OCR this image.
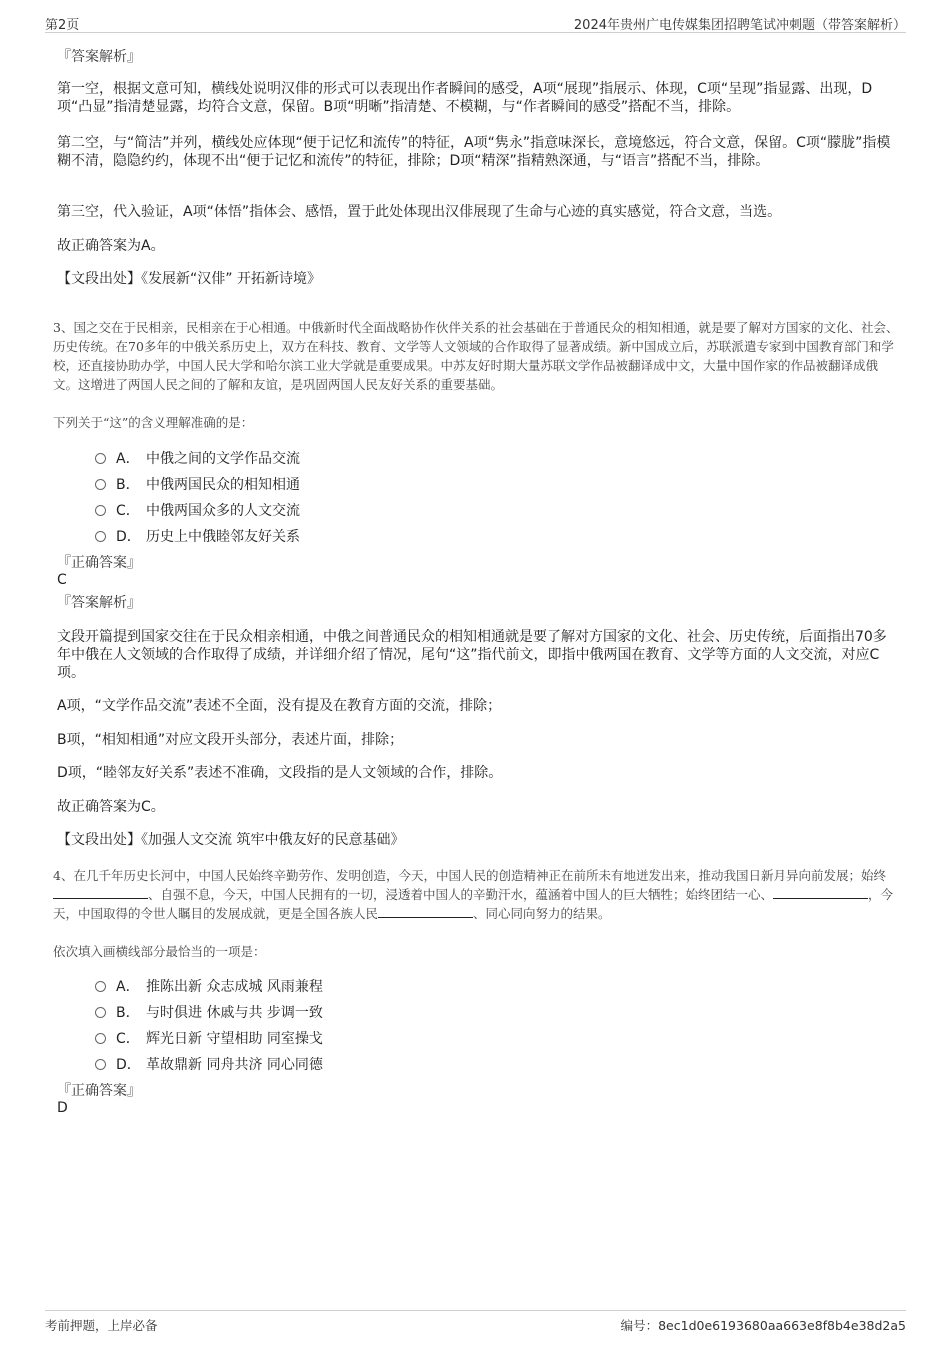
第2页	2024年贵州广电传媒集团招聘笔试冲刺题（带答案解析）
『答案解析』

第一空，根据文意可知，横线处说明汉俳的形式可以表现出作者瞬间的感受，A项“展现”指展示、体现，C项“呈现”指显露、出现，D项“凸显”指清楚显露，均符合文意，保留。B项“明晰”指清楚、不模糊，与“作者瞬间的感受”搭配不当，排除。

第二空，与“简洁”并列，横线处应体现“便于记忆和流传”的特征，A项“隽永”指意味深长，意境悠远，符合文意，保留。C项“朦胧”指模糊不清，隐隐约约，体现不出“便于记忆和流传”的特征，排除；D项“精深”指精熟深通，与“语言”搭配不当，排除。

第三空，代入验证，A项“体悟”指体会、感悟，置于此处体现出汉俳展现了生命与心迹的真实感觉，符合文意，当选。

故正确答案为A。

【文段出处】《发展新“汉俳” 开拓新诗境》

3、国之交在于民相亲，民相亲在于心相通。中俄新时代全面战略协作伙伴关系的社会基础在于普通民众的相知相通，就是要了解对方国家的文化、社会、历史传统。在70多年的中俄关系历史上，双方在科技、教育、文学等人文领域的合作取得了显著成绩。新中国成立后，苏联派遣专家到中国教育部门和学校，还直接协助办学，中国人民大学和哈尔滨工业大学就是重要成果。中苏友好时期大量苏联文学作品被翻译成中文，大量中国作家的作品被翻译成俄文。这增进了两国人民之间的了解和友谊，是巩固两国人民友好关系的重要基础。

下列关于“这”的含义理解准确的是：
A． 中俄之间的文学作品交流
B． 中俄两国民众的相知相通
C． 中俄两国众多的人文交流
D． 历史上中俄睦邻友好关系
『正确答案』
C
『答案解析』

文段开篇提到国家交往在于民众相亲相通，中俄之间普通民众的相知相通就是要了解对方国家的文化、社会、历史传统，后面指出70多年中俄在人文领域的合作取得了成绩，并详细介绍了情况，尾句“这”指代前文，即指中俄两国在教育、文学等方面的人文交流，对应C项。

A项，“文学作品交流”表述不全面，没有提及在教育方面的交流，排除；

B项，“相知相通”对应文段开头部分，表述片面，排除；

D项，“睦邻友好关系”表述不准确，文段指的是人文领域的合作，排除。

故正确答案为C。

【文段出处】《加强人文交流 筑牢中俄友好的民意基础》

4、在几千年历史长河中，中国人民始终辛勤劳作、发明创造，今天，中国人民的创造精神正在前所未有地迸发出来，推动我国日新月异向前发展；始终、自强不息，今天，中国人民拥有的一切，浸透着中国人的辛勤汗水，蕴涵着中国人的巨大牺牲；始终团结一心、	，今天，中国取得的令世人瞩目的发展成就，更是全国各族人民	、同心同向努力的结果。

依次填入画横线部分最恰当的一项是：
A． 推陈出新 众志成城 风雨兼程
B． 与时俱进 休戚与共 步调一致
C． 辉光日新 守望相助 同室操戈
D． 革故鼎新 同舟共济 同心同德
『正确答案』
D
考前押题，上岸必备	编号：8ec1d0e6193680aa663e8f8b4e38d2a5
